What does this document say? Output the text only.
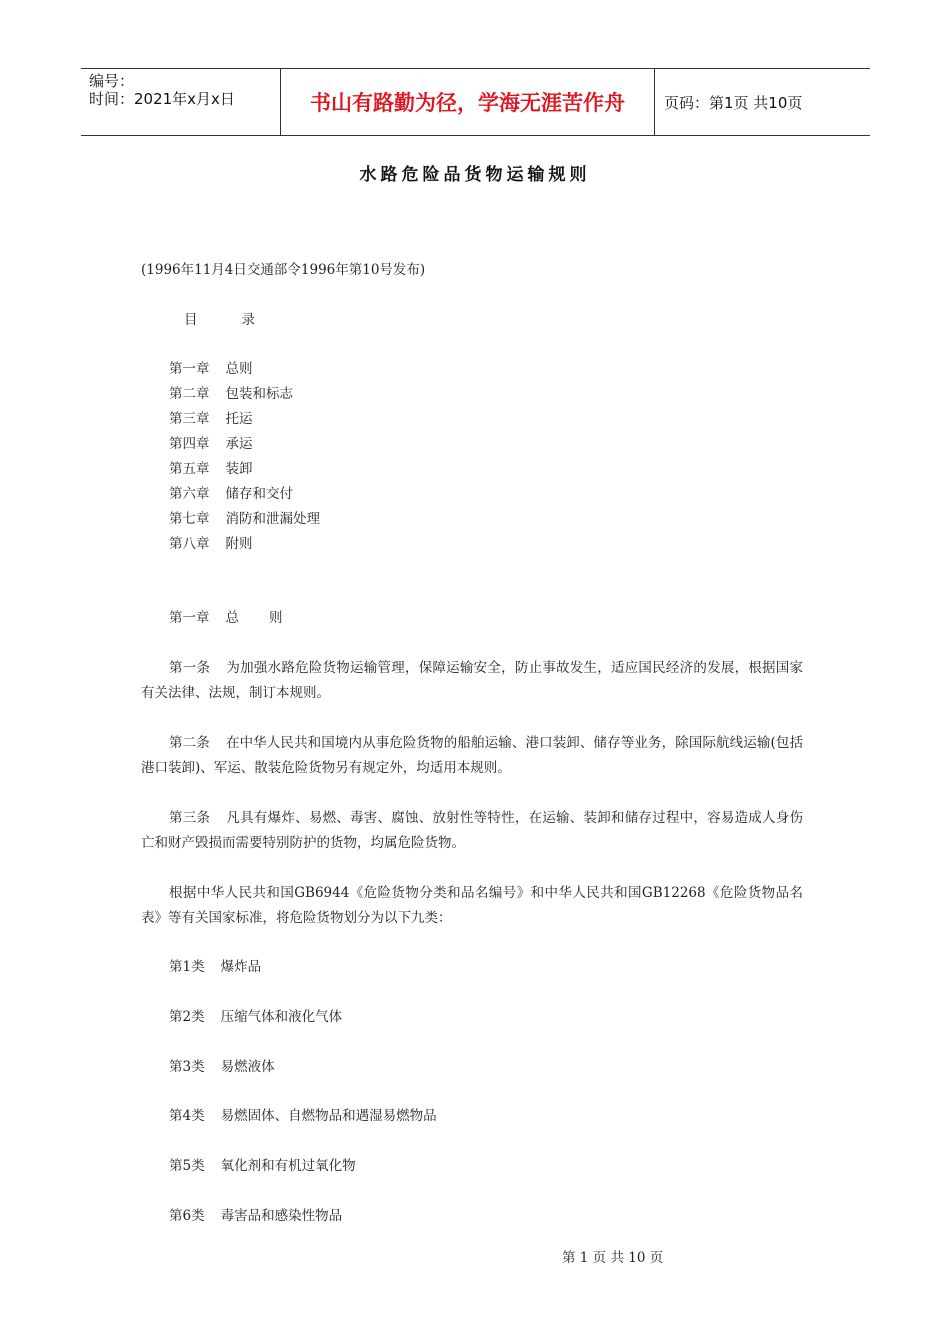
编号：
时间：2021年x月x日	书山有路勤为径，学海无涯苦作舟	页码：第1页 共10页
水路危险品货物运输规则
(1996年11月4日交通部令1996年第10号发布)
目	录
第一章 总则
第二章 包装和标志
第三章 托运
第四章 承运
第五章 装卸
第六章 储存和交付
第七章 消防和泄漏处理
第八章 附则
第一章 总 则
第一条 为加强水路危险货物运输管理，保障运输安全，防止事故发生，适应国民经济的发展，根据国家有关法律、法规，制订本规则。
第二条 在中华人民共和国境内从事危险货物的船舶运输、港口装卸、储存等业务，除国际航线运输(包括港口装卸)、军运、散装危险货物另有规定外，均适用本规则。
第三条 凡具有爆炸、易燃、毒害、腐蚀、放射性等特性，在运输、装卸和储存过程中，容易造成人身伤亡和财产毁损而需要特别防护的货物，均属危险货物。
根据中华人民共和国GB6944《危险货物分类和品名编号》和中华人民共和国GB12268《危险货物品名表》等有关国家标准，将危险货物划分为以下九类：
第1类 爆炸品
第2类 压缩气体和液化气体
第3类 易燃液体
第4类 易燃固体、自燃物品和遇湿易燃物品
第5类 氧化剂和有机过氧化物
第6类 毒害品和感染性物品
第 1 页 共 10 页
